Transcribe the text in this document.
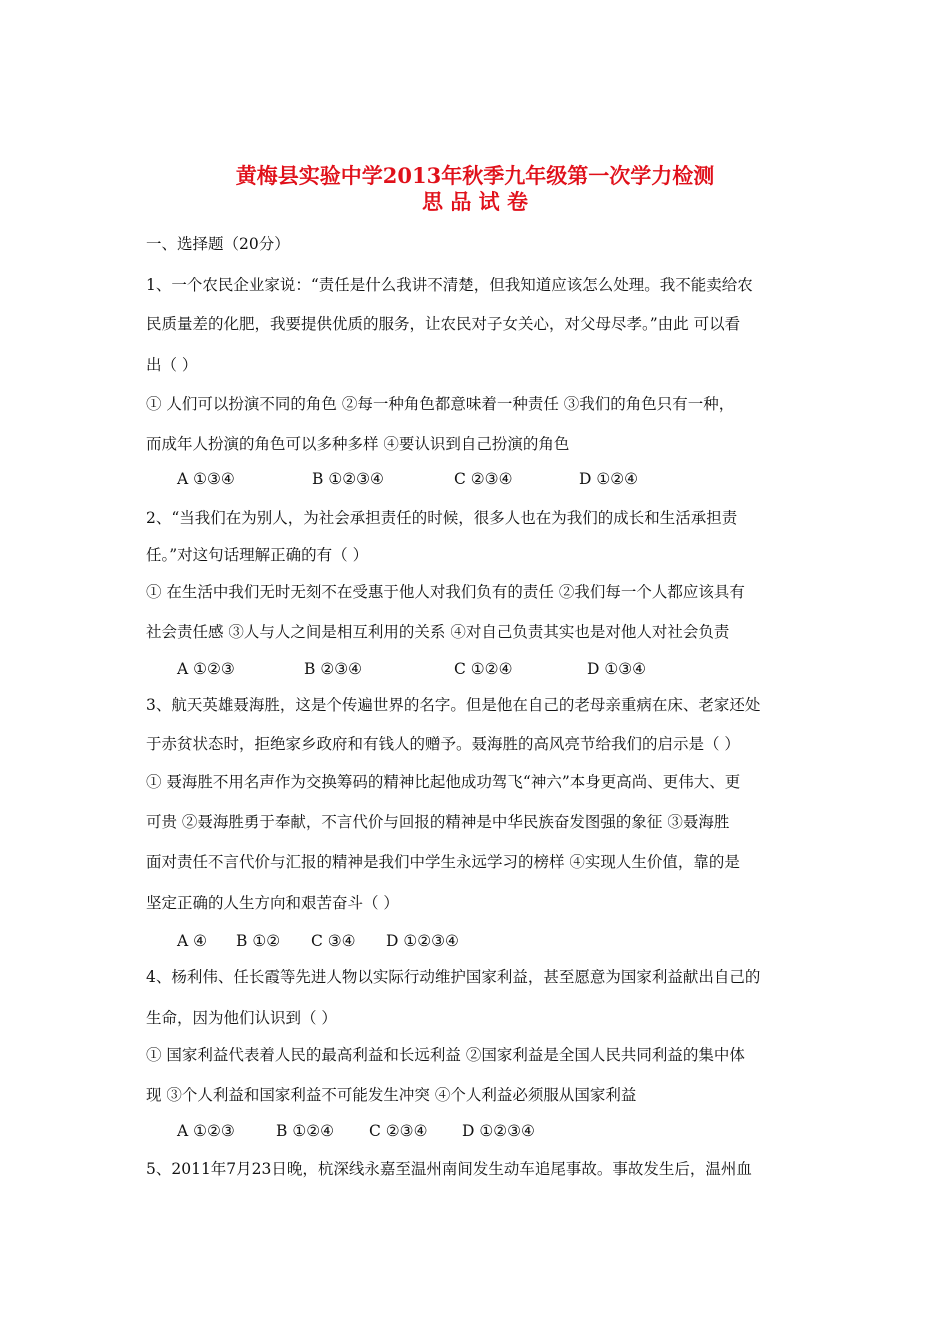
黄梅县实验中学2013年秋季九年级第一次学力检测
思 品 试 卷
一、选择题（20分）
1、一个农民企业家说：“责任是什么我讲不清楚，但我知道应该怎么处理。我不能卖给农
民质量差的化肥，我要提供优质的服务，让农民对子女关心，对父母尽孝。”由此 可以看
出（ ）
① 人们可以扮演不同的角色 ②每一种角色都意味着一种责任 ③我们的角色只有一种，
而成年人扮演的角色可以多种多样 ④要认识到自己扮演的角色
A ①③④	B ①②③④	C ②③④	D ①②④
2、“当我们在为别人，为社会承担责任的时候，很多人也在为我们的成长和生活承担责
任。”对这句话理解正确的有（ ）
① 在生活中我们无时无刻不在受惠于他人对我们负有的责任 ②我们每一个人都应该具有
社会责任感 ③人与人之间是相互利用的关系 ④对自己负责其实也是对他人对社会负责
A ①②③	B ②③④	C ①②④	D ①③④
3、航天英雄聂海胜，这是个传遍世界的名字。但是他在自己的老母亲重病在床、老家还处
于赤贫状态时，拒绝家乡政府和有钱人的赠予。聂海胜的高风亮节给我们的启示是（ ）
① 聂海胜不用名声作为交换筹码的精神比起他成功驾飞“神六”本身更高尚、更伟大、更
可贵 ②聂海胜勇于奉献，不言代价与回报的精神是中华民族奋发图强的象征 ③聂海胜
面对责任不言代价与汇报的精神是我们中学生永远学习的榜样 ④实现人生价值，靠的是
坚定正确的人生方向和艰苦奋斗（ ）
A ④ B ①② C ③④ D ①②③④
4、杨利伟、任长霞等先进人物以实际行动维护国家利益，甚至愿意为国家利益献出自己的
生命，因为他们认识到（ ）
① 国家利益代表着人民的最高利益和长远利益 ②国家利益是全国人民共同利益的集中体
现 ③个人利益和国家利益不可能发生冲突 ④个人利益必须服从国家利益
A ①②③	B ①②④ C ②③④ D ①②③④
5、2011年7月23日晚，杭深线永嘉至温州南间发生动车追尾事故。事故发生后，温州血
